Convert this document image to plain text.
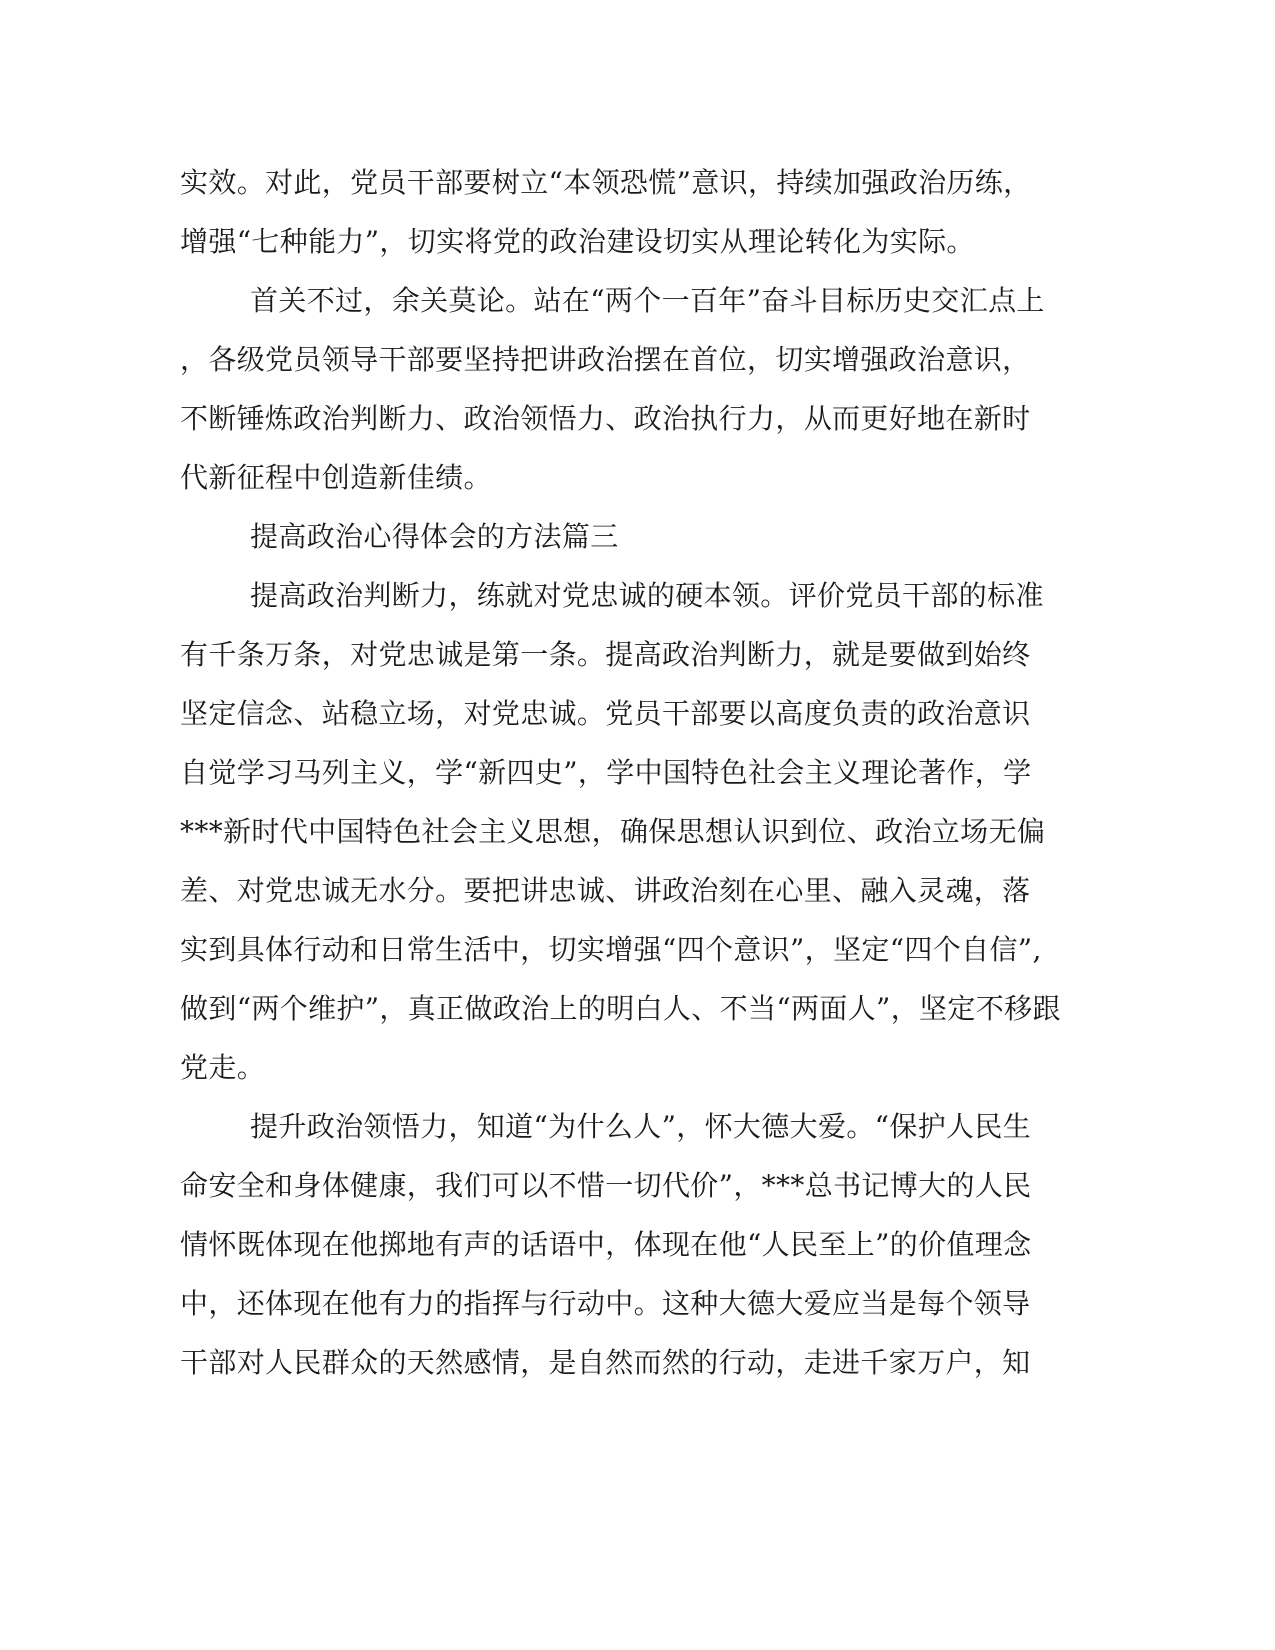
实效。对此，党员干部要树立“本领恐慌”意识，持续加强政治历练，
增强“七种能力”，切实将党的政治建设切实从理论转化为实际。
首关不过，余关莫论。站在“两个一百年”奋斗目标历史交汇点上
，各级党员领导干部要坚持把讲政治摆在首位，切实增强政治意识，
不断锤炼政治判断力、政治领悟力、政治执行力，从而更好地在新时
代新征程中创造新佳绩。
提高政治心得体会的方法篇三
提高政治判断力，练就对党忠诚的硬本领。评价党员干部的标准
有千条万条，对党忠诚是第一条。提高政治判断力，就是要做到始终
坚定信念、站稳立场，对党忠诚。党员干部要以高度负责的政治意识
自觉学习马列主义，学“新四史”，学中国特色社会主义理论著作，学
***新时代中国特色社会主义思想，确保思想认识到位、政治立场无偏
差、对党忠诚无水分。要把讲忠诚、讲政治刻在心里、融入灵魂，落
实到具体行动和日常生活中，切实增强“四个意识”，坚定“四个自信”,
做到“两个维护”，真正做政治上的明白人、不当“两面人”，坚定不移跟
党走。
提升政治领悟力，知道“为什么人”，怀大德大爱。“保护人民生
命安全和身体健康，我们可以不惜一切代价”，***总书记博大的人民
情怀既体现在他掷地有声的话语中，体现在他“人民至上”的价值理念
中，还体现在他有力的指挥与行动中。这种大德大爱应当是每个领导
干部对人民群众的天然感情，是自然而然的行动，走进千家万户，知
